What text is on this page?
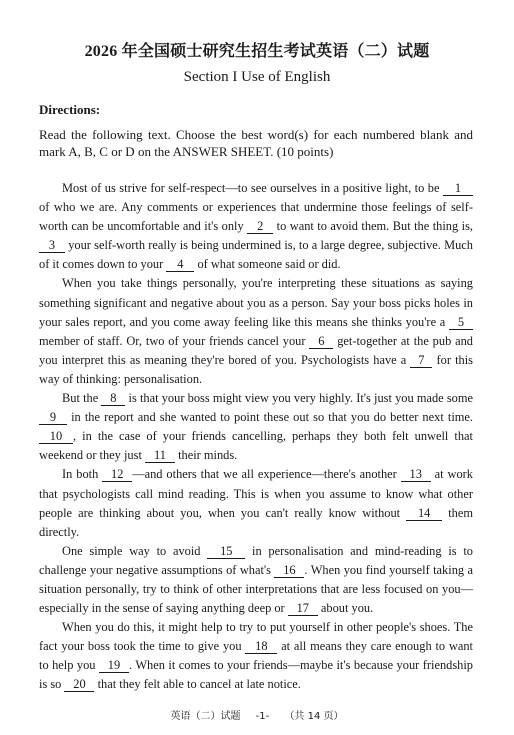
2026 年全国硕士研究生招生考试英语（二）试题
Section I Use of English
Directions:
Read the following text. Choose the best word(s) for each numbered blank and mark A, B, C or D on the ANSWER SHEET. (10 points)

Most of us strive for self-respect—to see ourselves in a positive light, to be 1 of who we are. Any comments or experiences that undermine those feelings of self-worth can be uncomfortable and it's only 2 to want to avoid them. But the thing is, 3 your self-worth really is being undermined is, to a large degree, subjective. Much of it comes down to your 4 of what someone said or did.

When you take things personally, you're interpreting these situations as saying something significant and negative about you as a person. Say your boss picks holes in your sales report, and you come away feeling like this means she thinks you're a 5 member of staff. Or, two of your friends cancel your 6 get-together at the pub and you interpret this as meaning they're bored of you. Psychologists have a 7 for this way of thinking: personalisation.

But the 8 is that your boss might view you very highly. It's just you made some 9 in the report and she wanted to point these out so that you do better next time. 10 , in the case of your friends cancelling, perhaps they both felt unwell that weekend or they just 11 their minds.

In both 12 —and others that we all experience—there's another 13 at work that psychologists call mind reading. This is when you assume to know what other people are thinking about you, when you can't really know without 14 them directly.

One simple way to avoid 15 in personalisation and mind-reading is to challenge your negative assumptions of what's 16 . When you find yourself taking a situation personally, try to think of other interpretations that are less focused on you—especially in the sense of saying anything deep or 17 about you.

When you do this, it might help to try to put yourself in other people's shoes. The fact your boss took the time to give you 18 at all means they care enough to want to help you 19 . When it comes to your friends—maybe it's because your friendship is so 20 that they felt able to cancel at late notice.

英语（二）试题 -1- （共 14 页）
